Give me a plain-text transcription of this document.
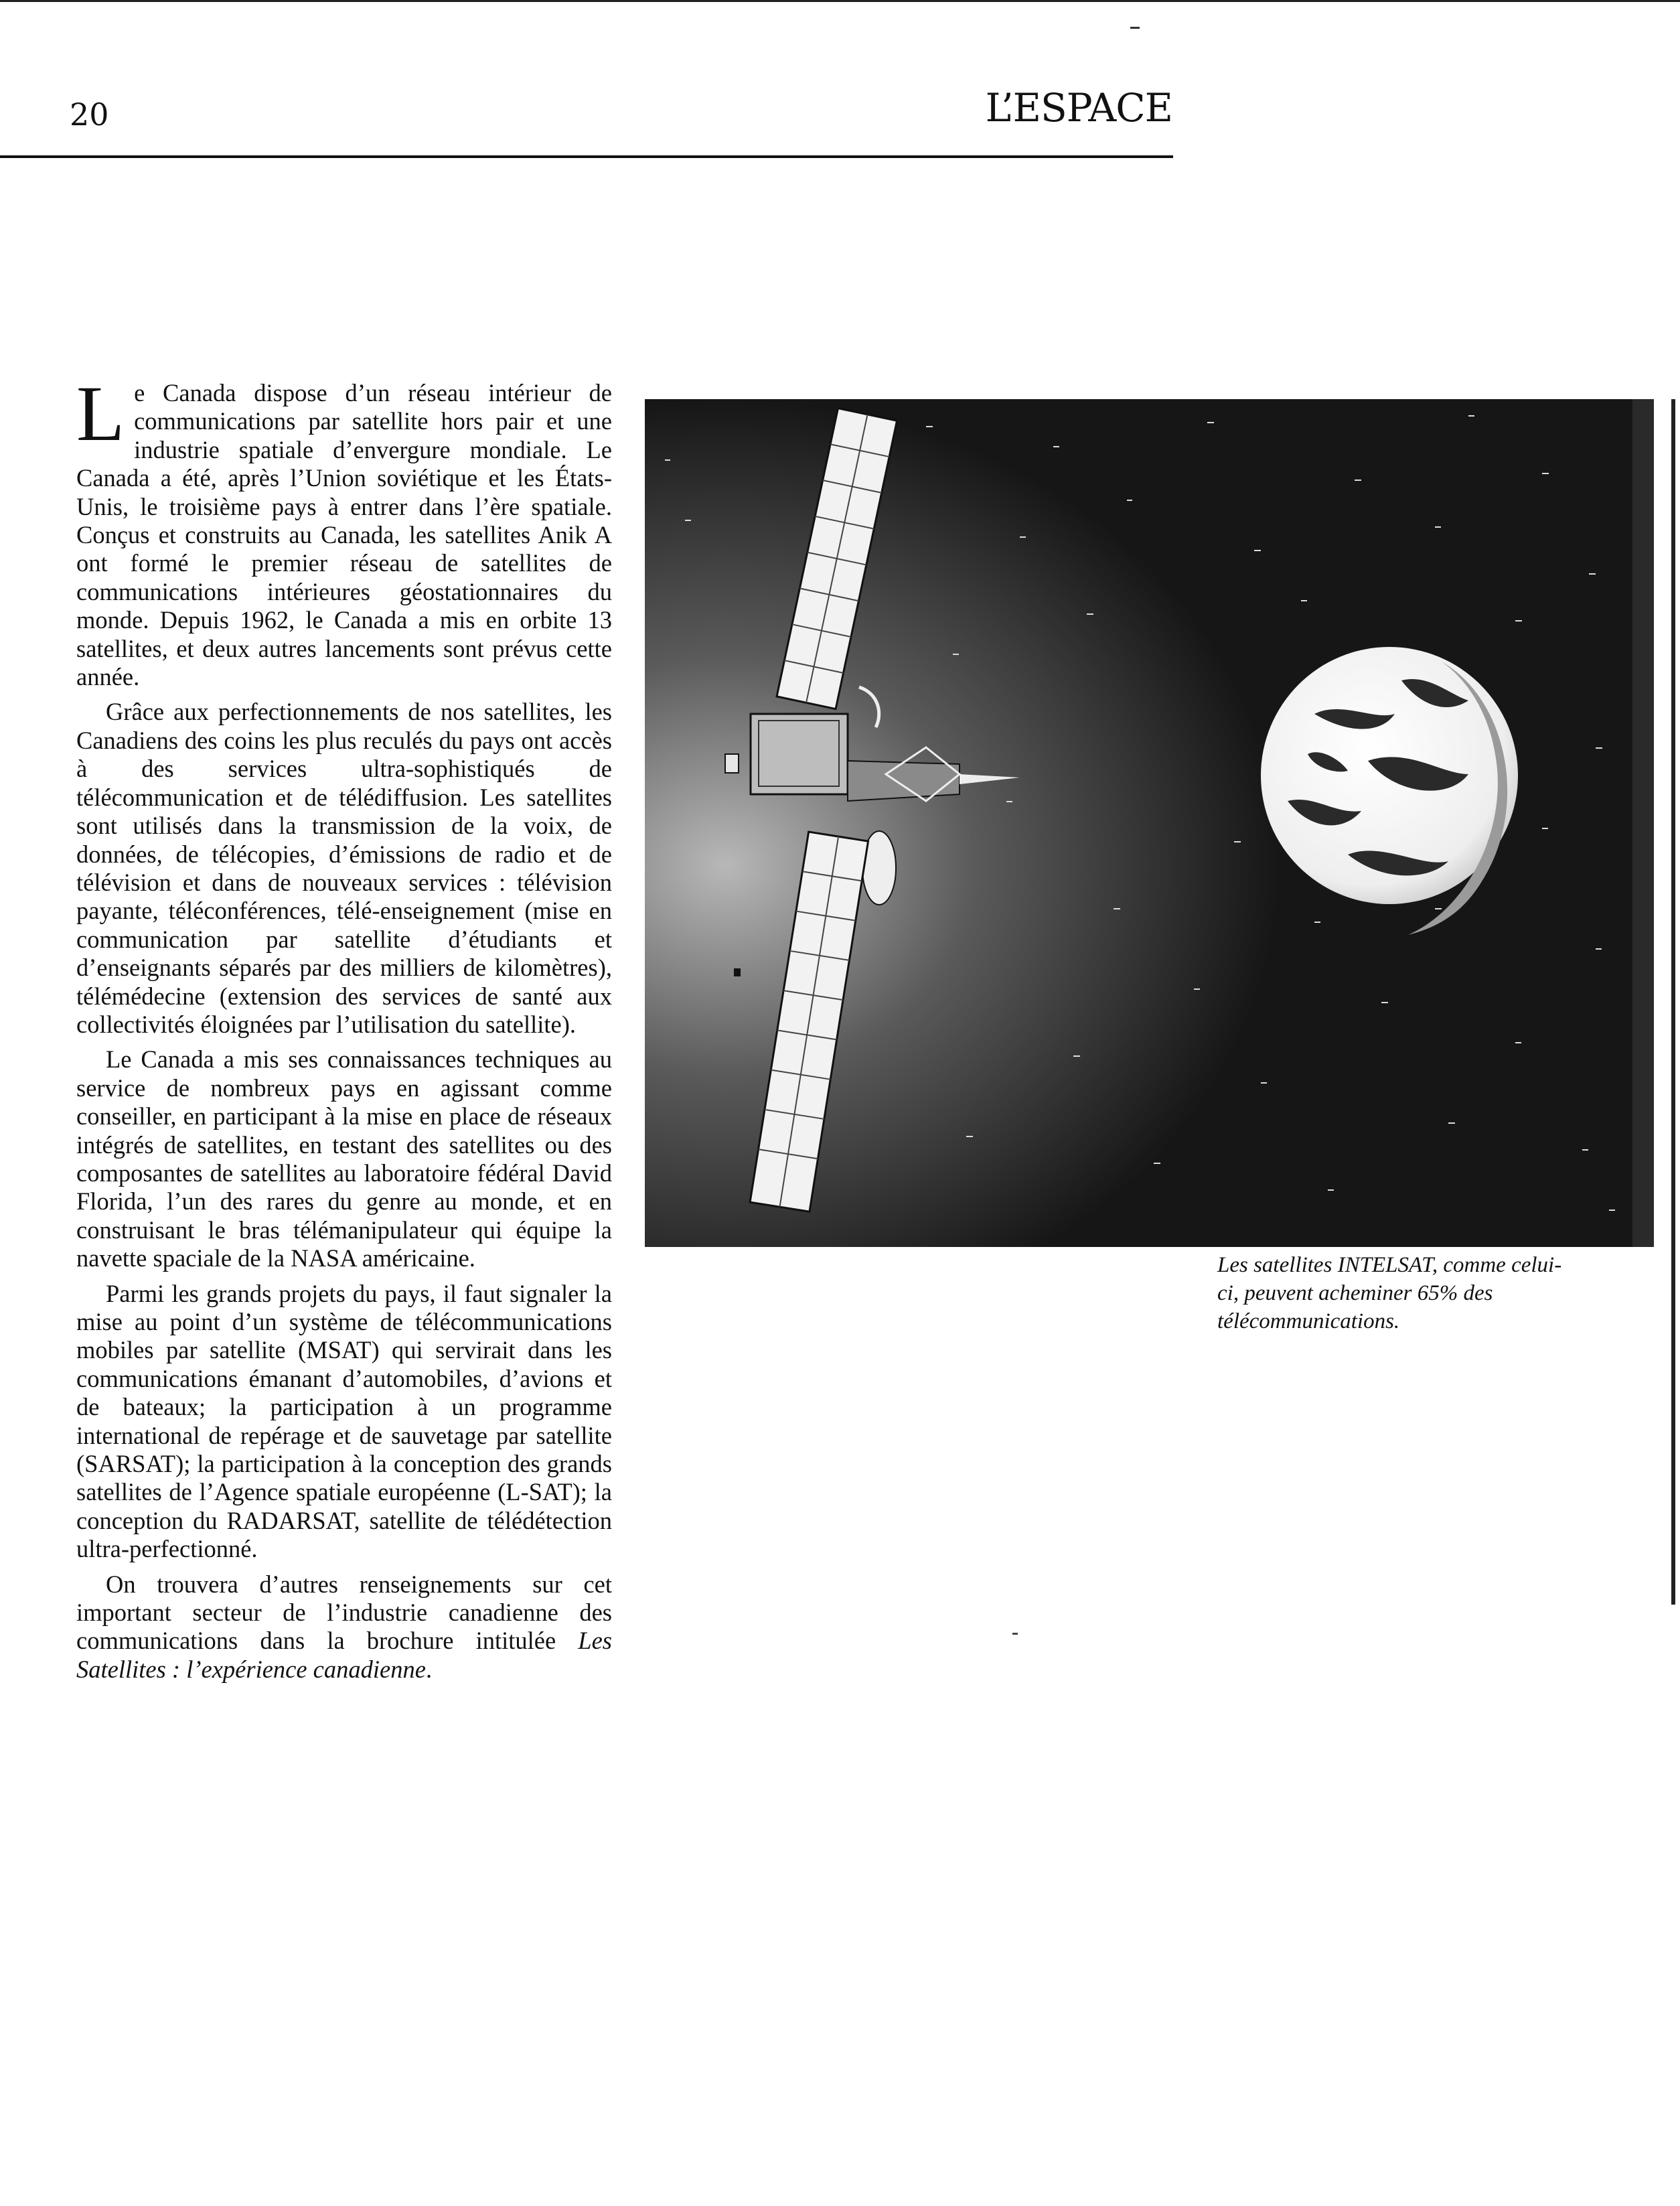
20	L’ESPACE

Le Canada dispose d’un réseau intérieur de communications par satellite hors pair et une industrie spatiale d’envergure mondiale. Le Canada a été, après l’Union soviétique et les États-Unis, le troisième pays à entrer dans l’ère spatiale. Conçus et construits au Canada, les satellites Anik A ont formé le premier réseau de satellites de communications intérieures géostationnaires du monde. Depuis 1962, le Canada a mis en orbite 13 satellites, et deux autres lancements sont prévus cette année.

Grâce aux perfectionnements de nos satellites, les Canadiens des coins les plus reculés du pays ont accès à des services ultra-sophistiqués de télécommunication et de télédiffusion. Les satellites sont utilisés dans la transmission de la voix, de données, de télécopies, d’émissions de radio et de télévision et dans de nouveaux services : télévision payante, téléconférences, télé-enseignement (mise en communication par satellite d’étudiants et d’enseignants séparés par des milliers de kilomètres), télémédecine (extension des services de santé aux collectivités éloignées par l’utilisation du satellite).

Le Canada a mis ses connaissances techniques au service de nombreux pays en agissant comme conseiller, en participant à la mise en place de réseaux intégrés de satellites, en testant des satellites ou des composantes de satellites au laboratoire fédéral David Florida, l’un des rares du genre au monde, et en construisant le bras télémanipulateur qui équipe la navette spaciale de la NASA américaine.

Parmi les grands projets du pays, il faut signaler la mise au point d’un système de télécommunications mobiles par satellite (MSAT) qui servirait dans les communications émanant d’automobiles, d’avions et de bateaux; la participation à un programme international de repérage et de sauvetage par satellite (SARSAT); la participation à la conception des grands satellites de l’Agence spatiale européenne (L-SAT); la conception du RADARSAT, satellite de télédétection ultra-perfectionné.

On trouvera d’autres renseignements sur cet important secteur de l’industrie canadienne des communications dans la brochure intitulée Les Satellites : l’expérience canadienne.

Les satellites INTELSAT, comme celui-ci, peuvent acheminer 65% des télécommunications.
